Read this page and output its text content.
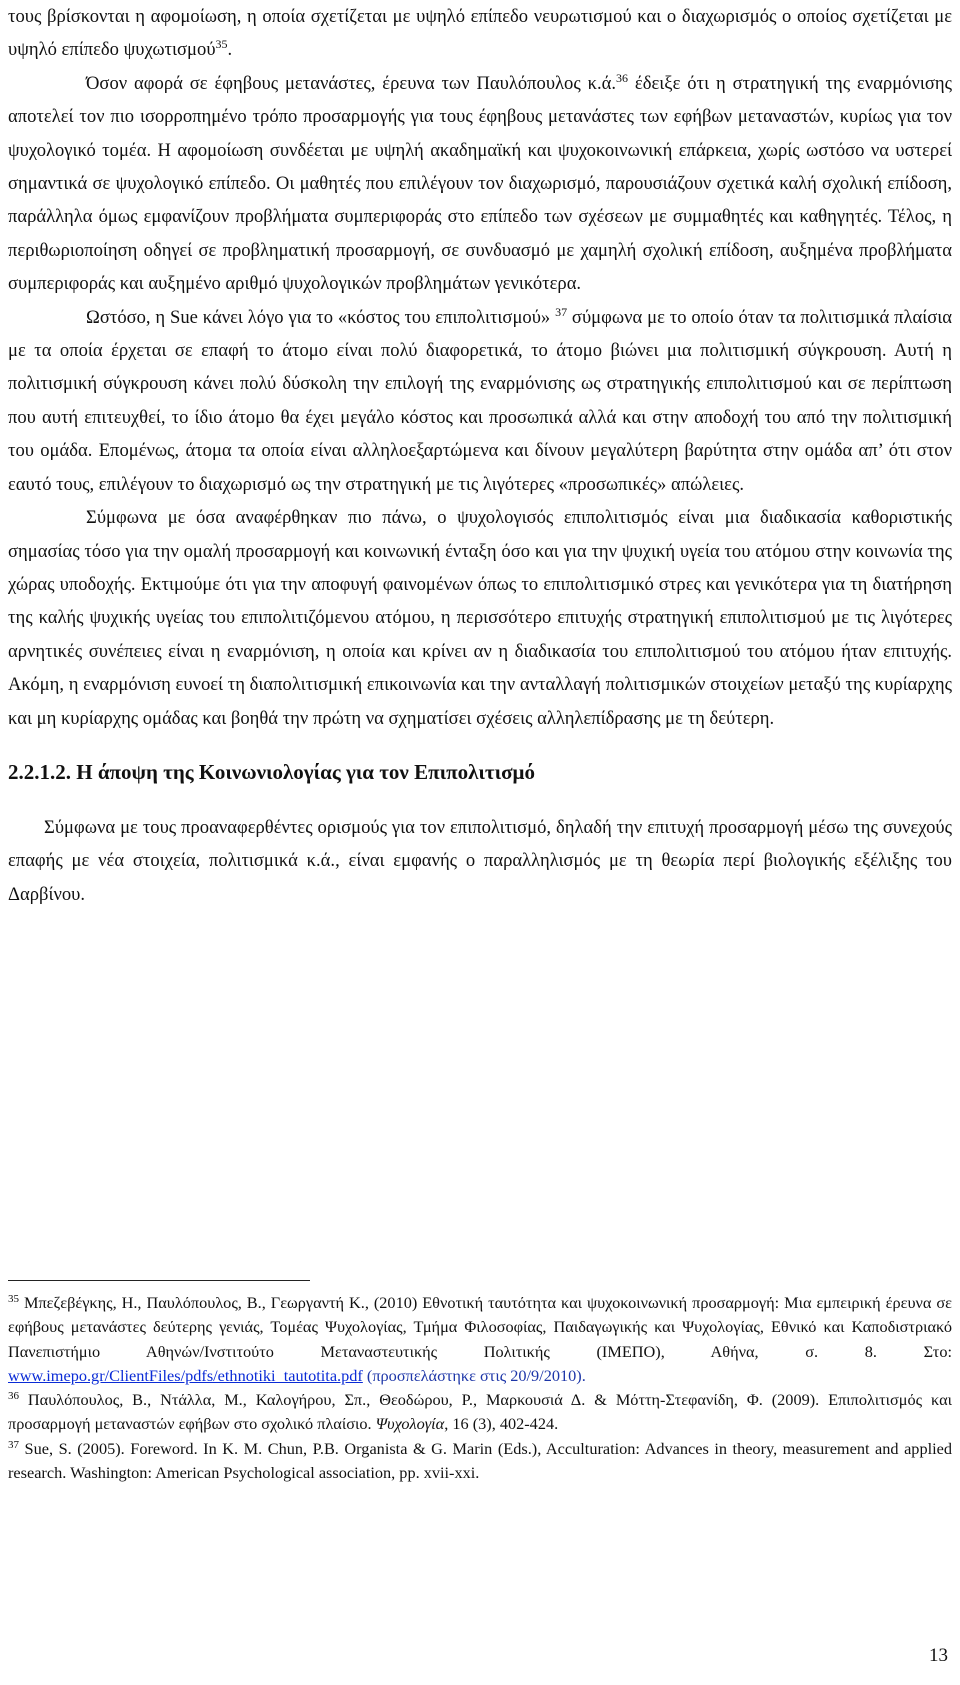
τους βρίσκονται η αφομοίωση, η οποία σχετίζεται με υψηλό επίπεδο νευρωτισμού και ο διαχωρισμός ο οποίος σχετίζεται με υψηλό επίπεδο ψυχωτισμού$^{35}$.

Όσον αφορά σε έφηβους μετανάστες, έρευνα των Παυλόπουλος κ.ά.$^{36}$ έδειξε ότι η στρατηγική της εναρμόνισης αποτελεί τον πιο ισορροπημένο τρόπο προσαρμογής για τους έφηβους μετανάστες των εφήβων μεταναστών, κυρίως για τον ψυχολογικό τομέα. Η αφομοίωση συνδέεται με υψηλή ακαδημαϊκή και ψυχοκοινωνική επάρκεια, χωρίς ωστόσο να υστερεί σημαντικά σε ψυχολογικό επίπεδο. Οι μαθητές που επιλέγουν τον διαχωρισμό, παρουσιάζουν σχετικά καλή σχολική επίδοση, παράλληλα όμως εμφανίζουν προβλήματα συμπεριφοράς στο επίπεδο των σχέσεων με συμμαθητές και καθηγητές. Τέλος, η περιθωριοποίηση οδηγεί σε προβληματική προσαρμογή, σε συνδυασμό με χαμηλή σχολική επίδοση, αυξημένα προβλήματα συμπεριφοράς και αυξημένο αριθμό ψυχολογικών προβλημάτων γενικότερα.

Ωστόσο, η Sue κάνει λόγο για το «κόστος του επιπολιτισμού» $^{37}$ σύμφωνα με το οποίο όταν τα πολιτισμικά πλαίσια με τα οποία έρχεται σε επαφή το άτομο είναι πολύ διαφορετικά, το άτομο βιώνει μια πολιτισμική σύγκρουση. Αυτή η πολιτισμική σύγκρουση κάνει πολύ δύσκολη την επιλογή της εναρμόνισης ως στρατηγικής επιπολιτισμού και σε περίπτωση που αυτή επιτευχθεί, το ίδιο άτομο θα έχει μεγάλο κόστος και προσωπικά αλλά και στην αποδοχή του από την πολιτισμική του ομάδα. Επομένως, άτομα τα οποία είναι αλληλοεξαρτώμενα και δίνουν μεγαλύτερη βαρύτητα στην ομάδα απ’ ότι στον εαυτό τους, επιλέγουν το διαχωρισμό ως την στρατηγική με τις λιγότερες «προσωπικές» απώλειες.

Σύμφωνα με όσα αναφέρθηκαν πιο πάνω, ο ψυχολογισός επιπολιτισμός είναι μια διαδικασία καθοριστικής σημασίας τόσο για την ομαλή προσαρμογή και κοινωνική ένταξη όσο και για την ψυχική υγεία του ατόμου στην κοινωνία της χώρας υποδοχής. Εκτιμούμε ότι για την αποφυγή φαινομένων όπως το επιπολιτισμικό στρες και γενικότερα για τη διατήρηση της καλής ψυχικής υγείας του επιπολιτιζόμενου ατόμου, η περισσότερο επιτυχής στρατηγική επιπολιτισμού με τις λιγότερες αρνητικές συνέπειες είναι η εναρμόνιση, η οποία και κρίνει αν η διαδικασία του επιπολιτισμού του ατόμου ήταν επιτυχής. Ακόμη, η εναρμόνιση ευνοεί τη διαπολιτισμική επικοινωνία και την ανταλλαγή πολιτισμικών στοιχείων μεταξύ της κυρίαρχης και μη κυρίαρχης ομάδας και βοηθά την πρώτη να σχηματίσει σχέσεις αλληλεπίδρασης με τη δεύτερη.

2.2.1.2. Η άποψη της Κοινωνιολογίας για τον Επιπολιτισμό

Σύμφωνα με τους προαναφερθέντες ορισμούς για τον επιπολιτισμό, δηλαδή την επιτυχή προσαρμογή μέσω της συνεχούς επαφής με νέα στοιχεία, πολιτισμικά κ.ά., είναι εμφανής ο παραλληλισμός με τη θεωρία περί βιολογικής εξέλιξης του Δαρβίνου.

$^{35}$ Μπεζεβέγκης, Η., Παυλόπουλος, Β., Γεωργαντή Κ., (2010) Εθνοτική ταυτότητα και ψυχοκοινωνική προσαρμογή: Μια εμπειρική έρευνα σε εφήβους μετανάστες δεύτερης γενιάς, Τομέας Ψυχολογίας, Τμήμα Φιλοσοφίας, Παιδαγωγικής και Ψυχολογίας, Εθνικό και Καποδιστριακό Πανεπιστήμιο Αθηνών/Ινστιτούτο Μεταναστευτικής Πολιτικής (ΙΜΕΠΟ), Αθήνα, σ. 8. Στο: www.imepo.gr/ClientFiles/pdfs/ethnotiki_tautotita.pdf (προσπελάστηκε στις 20/9/2010).

$^{36}$ Παυλόπουλος, Β., Ντάλλα, Μ., Καλογήρου, Σπ., Θεοδώρου, Ρ., Μαρκουσιά Δ. & Μόττη-Στεφανίδη, Φ. (2009). Επιπολιτισμός και προσαρμογή μεταναστών εφήβων στο σχολικό πλαίσιο. Ψυχολογία, 16 (3), 402-424.

$^{37}$ Sue, S. (2005). Foreword. In K. M. Chun, P.B. Organista & G. Marin (Eds.), Acculturation: Advances in theory, measurement and applied research. Washington: American Psychological association, pp. xvii-xxi.

13
